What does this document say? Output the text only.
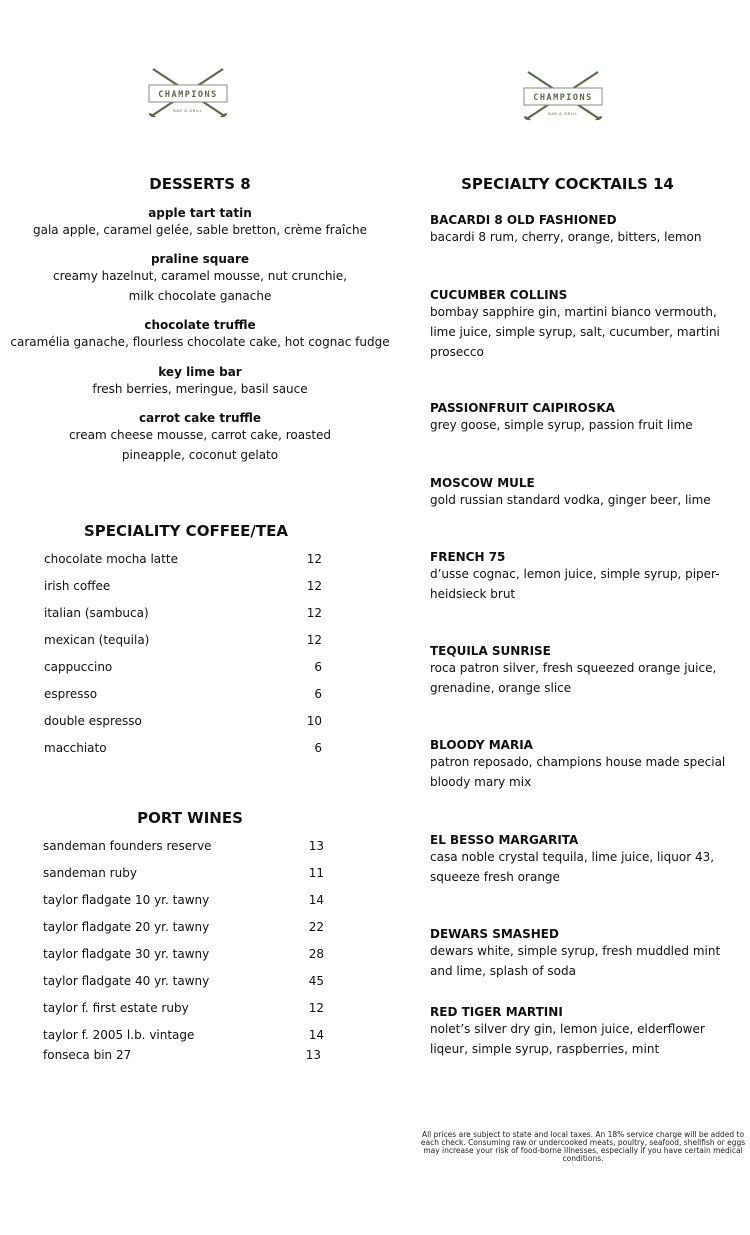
CHAMPIONS
BAR & GRILL
CHAMPIONS
BAR & GRILL
DESSERTS 8
apple tart tatin
gala apple, caramel gelée, sable bretton, crème fraîche
praline square
creamy hazelnut, caramel mousse, nut crunchie,
milk chocolate ganache
chocolate truffle
caramélia ganache, flourless chocolate cake, hot cognac fudge
key lime bar
fresh berries, meringue, basil sauce
carrot cake truffle
cream cheese mousse, carrot cake, roasted
pineapple, coconut gelato
SPECIALITY COFFEE/TEA
chocolate mocha latte	12
irish coffee	12
italian (sambuca)	12
mexican (tequila)	12
cappuccino	6
espresso	6
double espresso	10
macchiato	6
PORT WINES
sandeman founders reserve	13
sandeman ruby	11
taylor fladgate 10 yr. tawny	14
taylor fladgate 20 yr. tawny	22
taylor fladgate 30 yr. tawny	28
taylor fladgate 40 yr. tawny	45
taylor f. first estate ruby	12
taylor f. 2005 l.b. vintage	14
fonseca bin 27	13
SPECIALTY COCKTAILS 14
BACARDI 8 OLD FASHIONED
bacardi 8 rum, cherry, orange, bitters, lemon
CUCUMBER COLLINS
bombay sapphire gin, martini bianco vermouth,
lime juice, simple syrup, salt, cucumber, martini
prosecco
PASSIONFRUIT CAIPIROSKA
grey goose, simple syrup, passion fruit lime
MOSCOW MULE
gold russian standard vodka, ginger beer, lime
FRENCH 75
d’usse cognac, lemon juice, simple syrup, piper-
heidsieck brut
TEQUILA SUNRISE
roca patron silver, fresh squeezed orange juice,
grenadine, orange slice
BLOODY MARIA
patron reposado, champions house made special
bloody mary mix
EL BESSO MARGARITA
casa noble crystal tequila, lime juice, liquor 43,
squeeze fresh orange
DEWARS SMASHED
dewars white, simple syrup, fresh muddled mint
and lime, splash of soda
RED TIGER MARTINI
nolet’s silver dry gin, lemon juice, elderflower
liqeur, simple syrup, raspberries, mint
All prices are subject to state and local taxes. An 18% service charge will be added to
each check. Consuming raw or undercooked meats, poultry, seafood, shellfish or eggs
may increase your risk of food-borne illnesses, especially if you have certain medical
conditions.
